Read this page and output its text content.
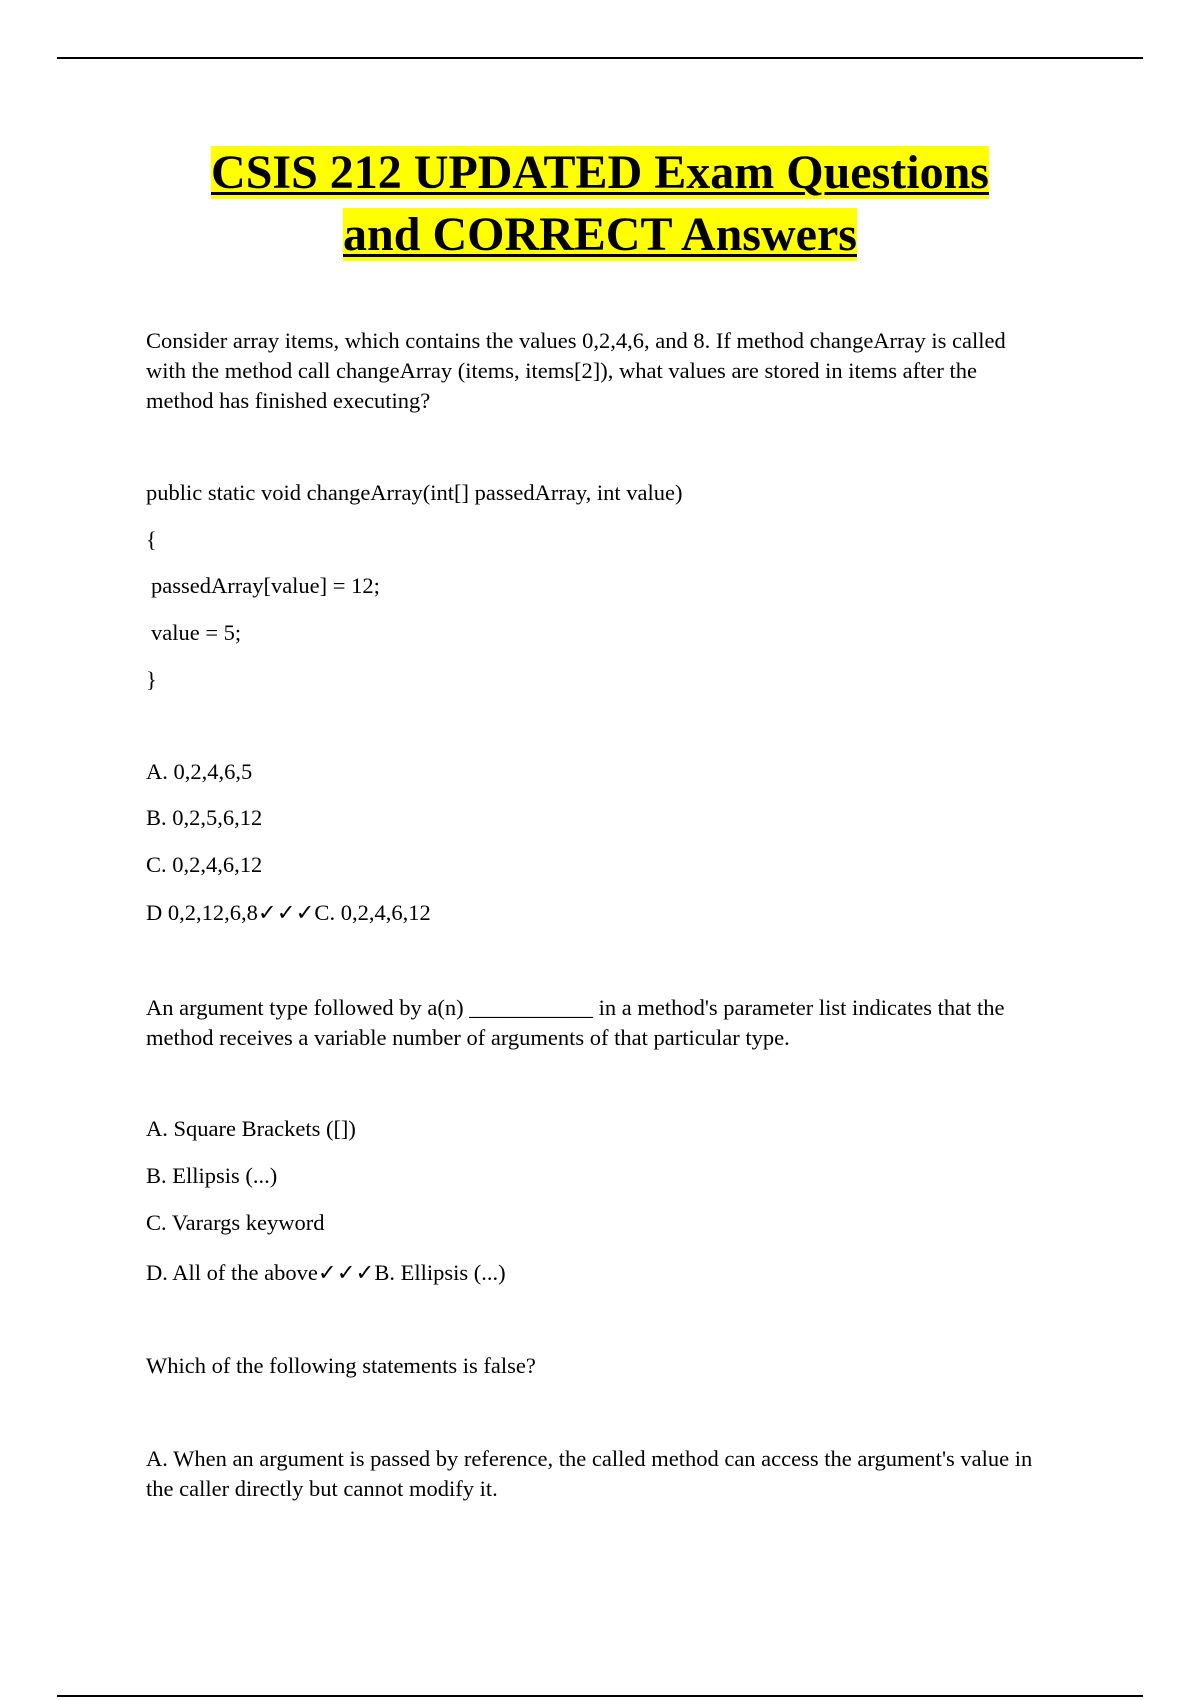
CSIS 212 UPDATED Exam Questions
and CORRECT Answers

Consider array items, which contains the values 0,2,4,6, and 8. If method changeArray is called with the method call changeArray (items, items[2]), what values are stored in items after the method has finished executing?

public static void changeArray(int[] passedArray, int value)
{
passedArray[value] = 12;
value = 5;
}
A. 0,2,4,6,5
B. 0,2,5,6,12
C. 0,2,4,6,12
D 0,2,12,6,8✓✓✓C. 0,2,4,6,12

An argument type followed by a(n) ___________ in a method's parameter list indicates that the method receives a variable number of arguments of that particular type.

A. Square Brackets ([])
B. Ellipsis (...)
C. Varargs keyword
D. All of the above✓✓✓B. Ellipsis (...)
Which of the following statements is false?

A. When an argument is passed by reference, the called method can access the argument's value in the caller directly but cannot modify it.
